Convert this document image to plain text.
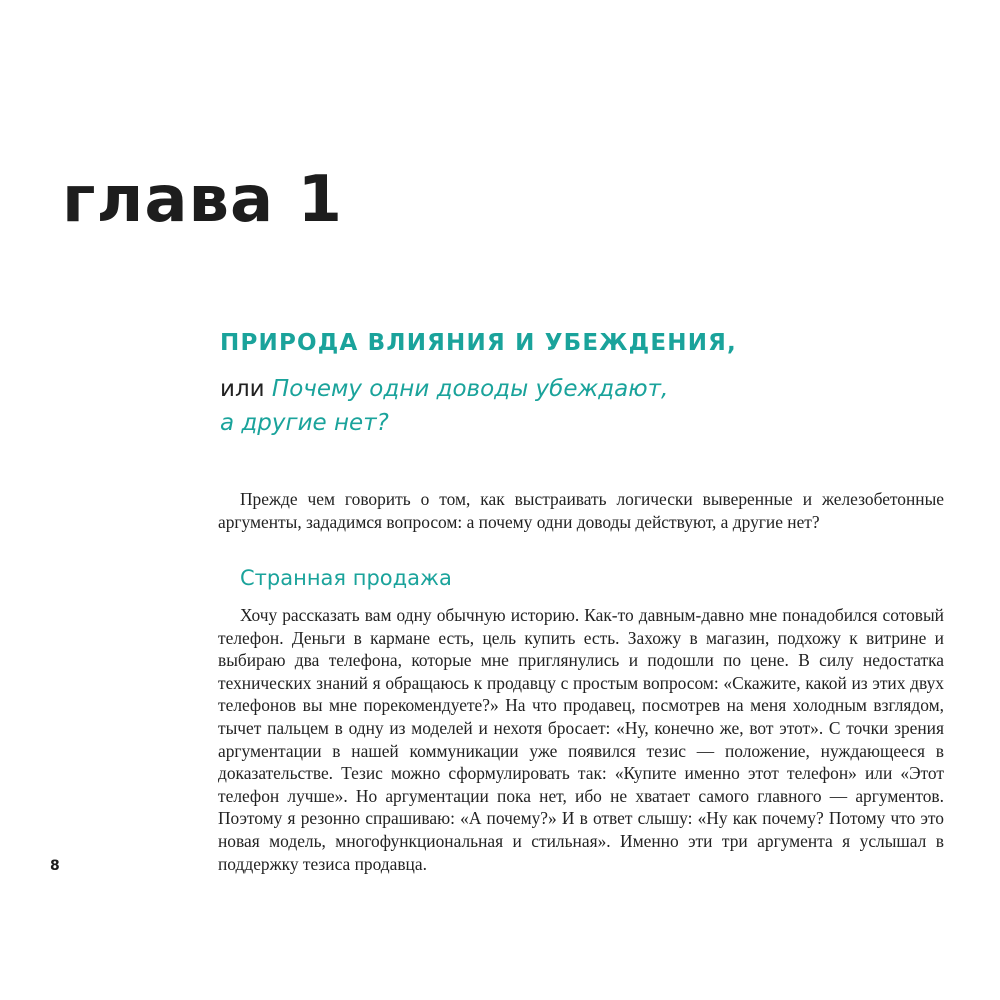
глава 1
ПРИРОДА ВЛИЯНИЯ И УБЕЖДЕНИЯ,
или Почему одни доводы убеждают,
а другие нет?

Прежде чем говорить о том, как выстраивать логически выверенные и железобетонные аргументы, зададимся вопросом: а почему одни доводы действуют, а другие нет?

Странная продажа

Хочу рассказать вам одну обычную историю. Как-то давным-давно мне понадобился сотовый телефон. Деньги в кармане есть, цель купить есть. Захожу в магазин, подхожу к витрине и выбираю два телефона, которые мне приглянулись и подошли по цене. В силу недостатка технических знаний я обращаюсь к продавцу с простым вопросом: «Скажите, какой из этих двух телефонов вы мне порекомендуете?» На что продавец, посмотрев на меня холодным взглядом, тычет пальцем в одну из моделей и нехотя бросает: «Ну, конечно же, вот этот». С точки зрения аргументации в нашей коммуникации уже появился тезис — положение, нуждающееся в доказательстве. Тезис можно сформулировать так: «Купите именно этот телефон» или «Этот телефон лучше». Но аргументации пока нет, ибо не хватает самого главного — аргументов. Поэтому я резонно спрашиваю: «А почему?» И в ответ слышу: «Ну как почему? Потому что это новая модель, многофункциональная и стильная». Именно эти три аргумента я услышал в поддержку тезиса продавца.

8
